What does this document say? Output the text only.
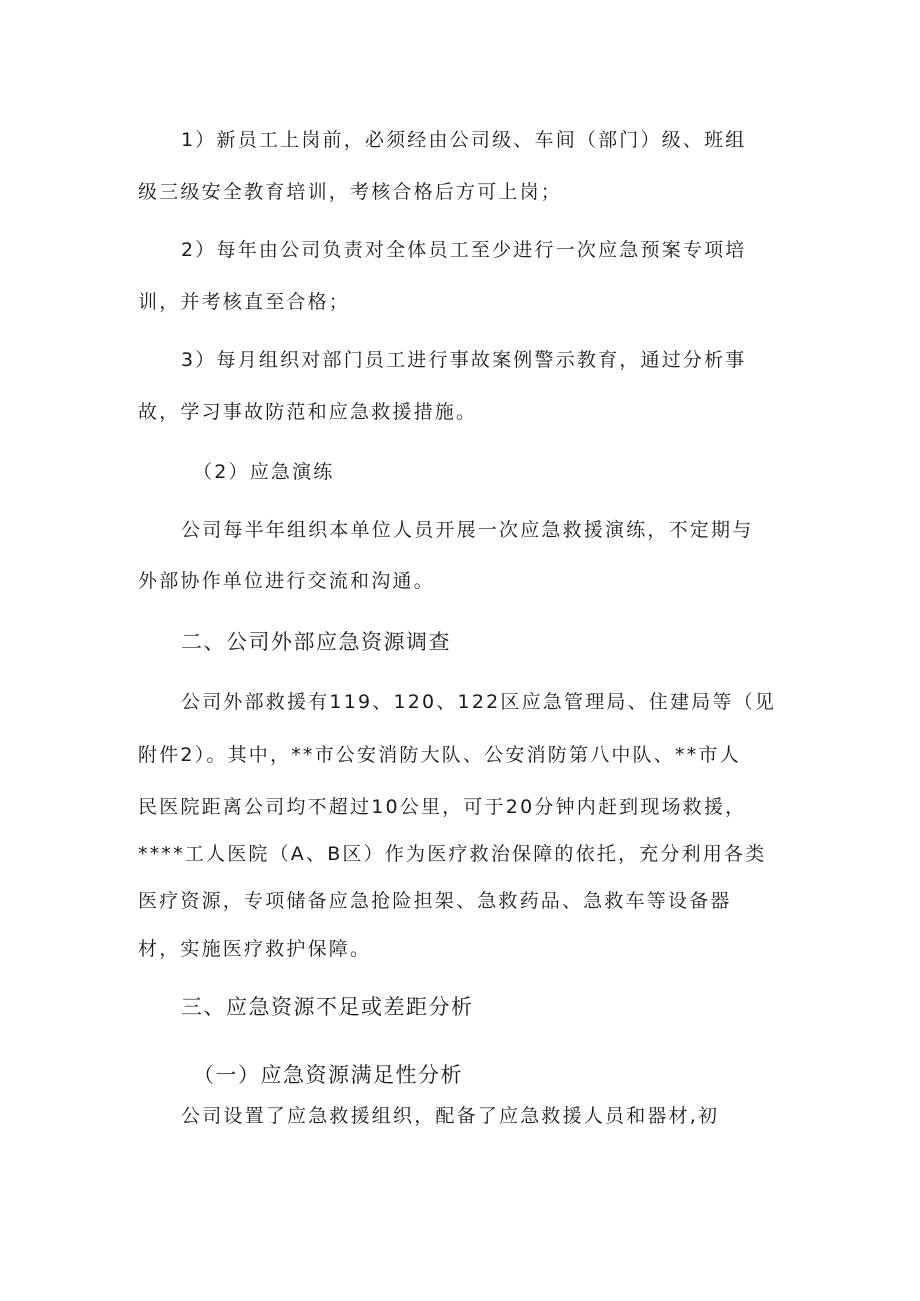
1）新员工上岗前，必须经由公司级、车间（部门）级、班组
级三级安全教育培训，考核合格后方可上岗；
2）每年由公司负责对全体员工至少进行一次应急预案专项培
训，并考核直至合格；
3）每月组织对部门员工进行事故案例警示教育，通过分析事
故，学习事故防范和应急救援措施。
（2）应急演练
公司每半年组织本单位人员开展一次应急救援演练，不定期与
外部协作单位进行交流和沟通。
二、公司外部应急资源调查
公司外部救援有119、120、122区应急管理局、住建局等（见
附件2）。其中，**市公安消防大队、公安消防第八中队、**市人
民医院距离公司均不超过10公里，可于20分钟内赶到现场救援，
****工人医院（A、B区）作为医疗救治保障的依托，充分利用各类
医疗资源，专项储备应急抢险担架、急救药品、急救车等设备器
材，实施医疗救护保障。
三、应急资源不足或差距分析
（一）应急资源满足性分析
公司设置了应急救援组织，配备了应急救援人员和器材,初
